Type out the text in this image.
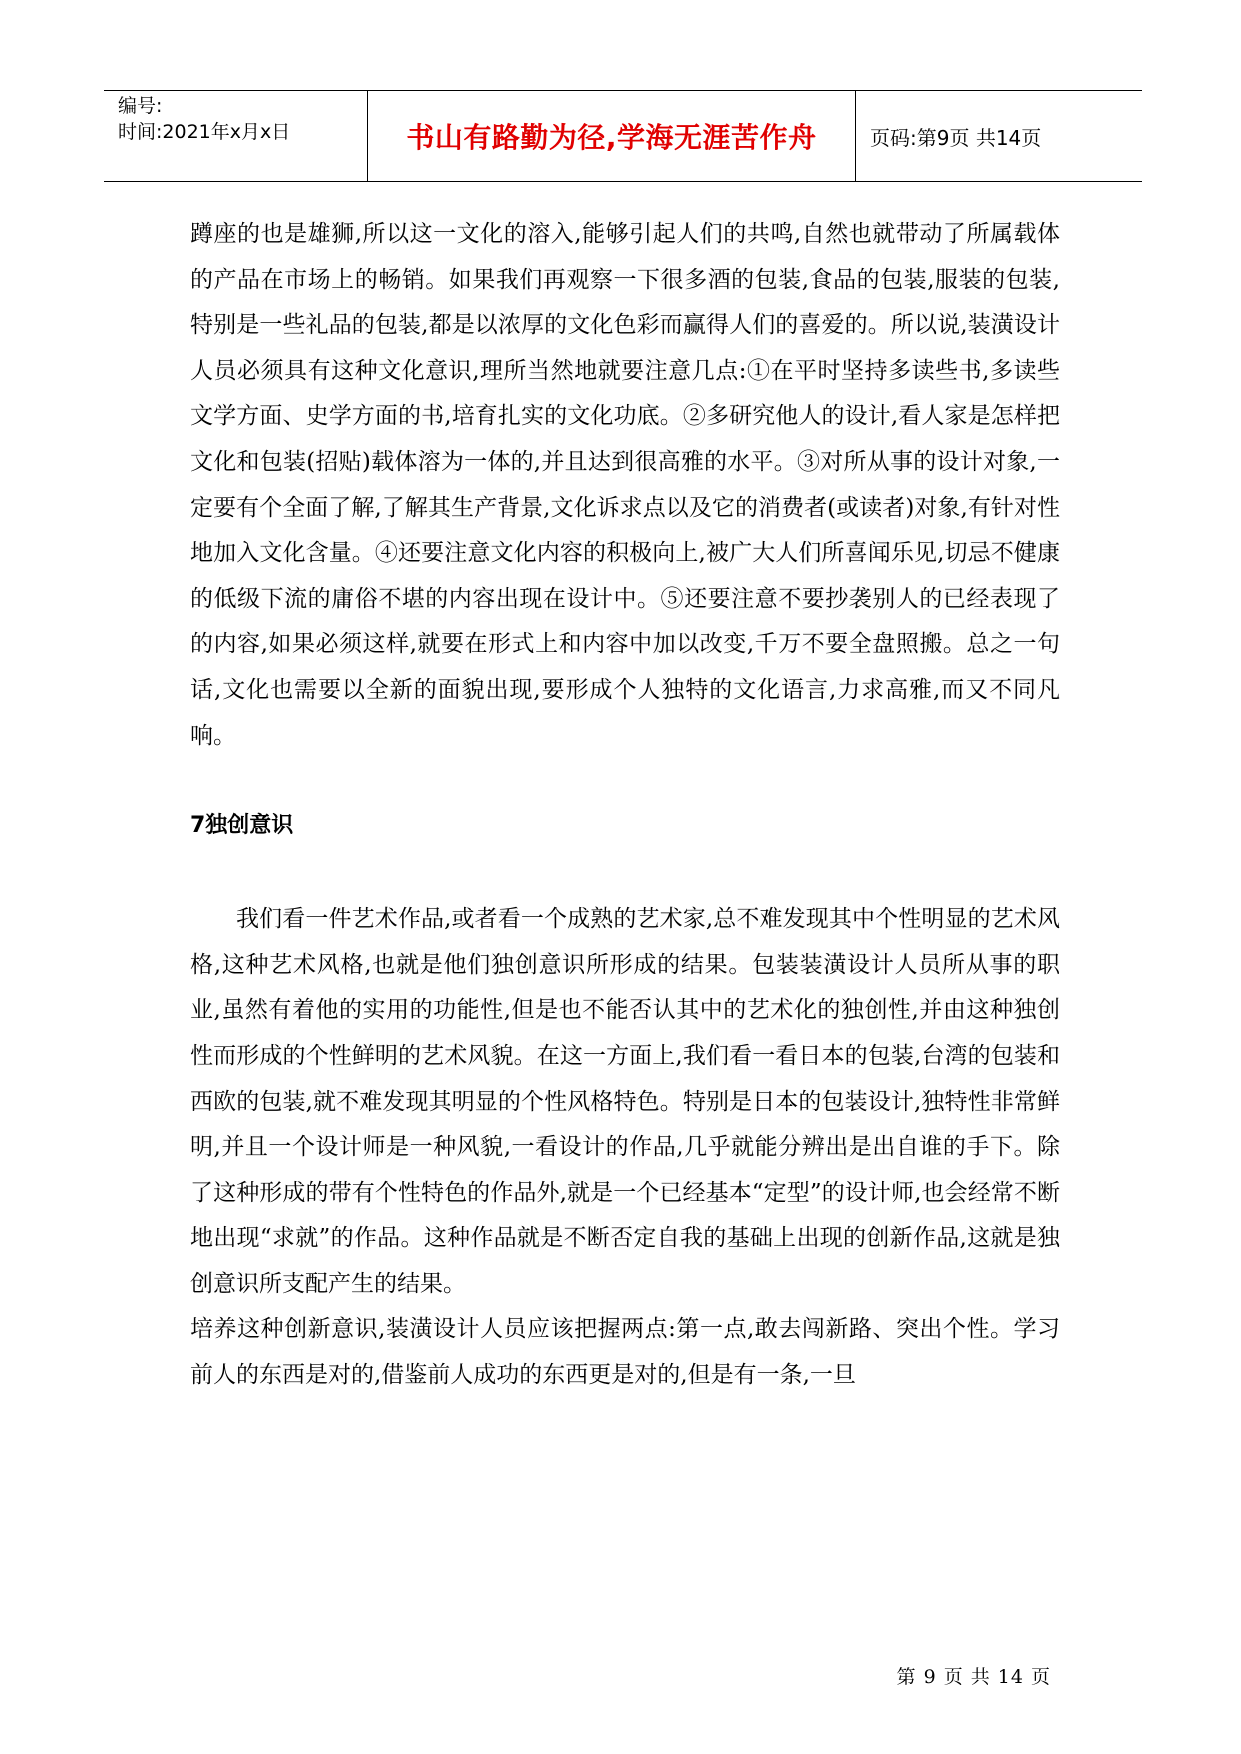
编号:
时间:2021年x月x日	书山有路勤为径,学海无涯苦作舟	页码:第9页 共14页

蹲座的也是雄狮,所以这一文化的溶入,能够引起人们的共鸣,自然也就带动了所属载体的产品在市场上的畅销。如果我们再观察一下很多酒的包装,食品的包装,服装的包装,特别是一些礼品的包装,都是以浓厚的文化色彩而赢得人们的喜爱的。所以说,装潢设计人员必须具有这种文化意识,理所当然地就要注意几点:①在平时坚持多读些书,多读些文学方面、史学方面的书,培育扎实的文化功底。②多研究他人的设计,看人家是怎样把文化和包装(招贴)载体溶为一体的,并且达到很高雅的水平。③对所从事的设计对象,一定要有个全面了解,了解其生产背景,文化诉求点以及它的消费者(或读者)对象,有针对性地加入文化含量。④还要注意文化内容的积极向上,被广大人们所喜闻乐见,切忌不健康的低级下流的庸俗不堪的内容出现在设计中。⑤还要注意不要抄袭别人的已经表现了的内容,如果必须这样,就要在形式上和内容中加以改变,千万不要全盘照搬。总之一句话,文化也需要以全新的面貌出现,要形成个人独特的文化语言,力求高雅,而又不同凡响。

7独创意识

我们看一件艺术作品,或者看一个成熟的艺术家,总不难发现其中个性明显的艺术风格,这种艺术风格,也就是他们独创意识所形成的结果。包装装潢设计人员所从事的职业,虽然有着他的实用的功能性,但是也不能否认其中的艺术化的独创性,并由这种独创性而形成的个性鲜明的艺术风貌。在这一方面上,我们看一看日本的包装,台湾的包装和西欧的包装,就不难发现其明显的个性风格特色。特别是日本的包装设计,独特性非常鲜明,并且一个设计师是一种风貌,一看设计的作品,几乎就能分辨出是出自谁的手下。除了这种形成的带有个性特色的作品外,就是一个已经基本“定型”的设计师,也会经常不断地出现“求就”的作品。这种作品就是不断否定自我的基础上出现的创新作品,这就是独创意识所支配产生的结果。

培养这种创新意识,装潢设计人员应该把握两点:第一点,敢去闯新路、突出个性。学习前人的东西是对的,借鉴前人成功的东西更是对的,但是有一条,一旦

第 9 页 共 14 页
